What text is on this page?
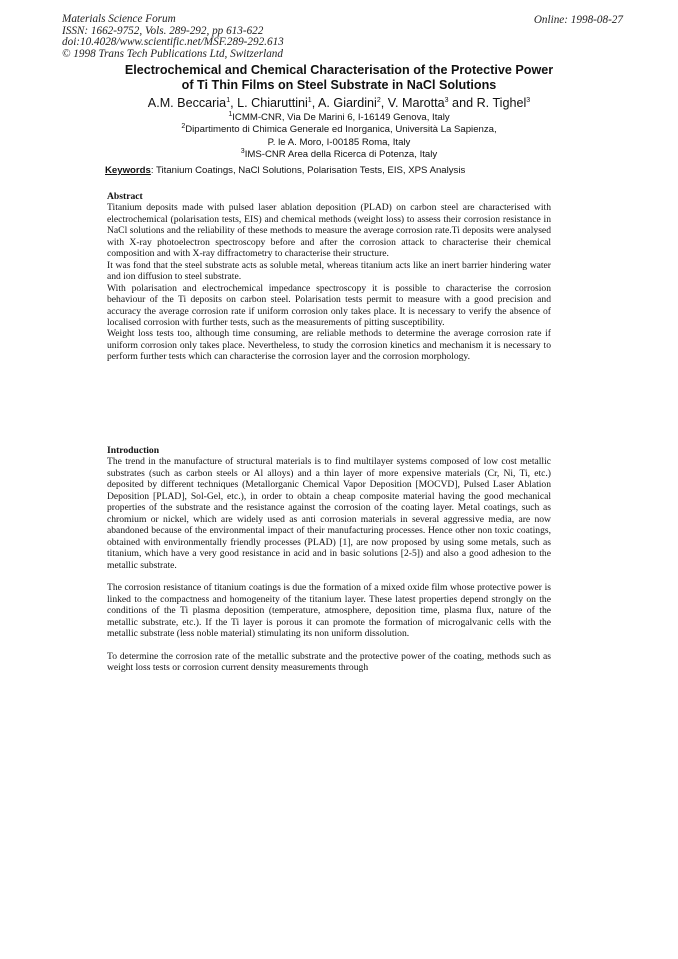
Materials Science Forum
ISSN: 1662-9752, Vols. 289-292, pp 613-622
doi:10.4028/www.scientific.net/MSF.289-292.613
© 1998 Trans Tech Publications Ltd, Switzerland
Online: 1998-08-27
Electrochemical and Chemical Characterisation of the Protective Power
of Ti Thin Films on Steel Substrate in NaCl Solutions
A.M. Beccaria$^1$, L. Chiaruttini$^1$, A. Giardini$^2$, V. Marotta$^3$ and R. Tighel$^3$
$^1$ICMM-CNR, Via De Marini 6, I-16149 Genova, Italy
$^2$Dipartimento di Chimica Generale ed Inorganica, Università La Sapienza,
P. le A. Moro, I-00185 Roma, Italy
$^3$IMS-CNR Area della Ricerca di Potenza, Italy
Keywords: Titanium Coatings, NaCl Solutions, Polarisation Tests, EIS, XPS Analysis
Abstract
Titanium deposits made with pulsed laser ablation deposition (PLAD) on carbon steel are characterised with electrochemical (polarisation tests, EIS) and chemical methods (weight loss) to assess their corrosion resistance in NaCl solutions and the reliability of these methods to measure the average corrosion rate.Ti deposits were analysed with X-ray photoelectron spectroscopy before and after the corrosion attack to characterise their chemical composition and with X-ray diffractometry to characterise their structure.
It was fond that the steel substrate acts as soluble metal, whereas titanium acts like an inert barrier hindering water and ion diffusion to steel substrate.
With polarisation and electrochemical impedance spectroscopy it is possible to characterise the corrosion behaviour of the Ti deposits on carbon steel. Polarisation tests permit to measure with a good precision and accuracy the average corrosion rate if uniform corrosion only takes place. It is necessary to verify the absence of localised corrosion with further tests, such as the measurements of pitting susceptibility.
Weight loss tests too, although time consuming, are reliable methods to determine the average corrosion rate if uniform corrosion only takes place. Nevertheless, to study the corrosion kinetics and mechanism it is necessary to perform further tests which can characterise the corrosion layer and the corrosion morphology.
Introduction
The trend in the manufacture of structural materials is to find multilayer systems composed of low cost metallic substrates (such as carbon steels or Al alloys) and a thin layer of more expensive materials (Cr, Ni, Ti, etc.) deposited by different techniques (Metallorganic Chemical Vapor Deposition [MOCVD], Pulsed Laser Ablation Deposition [PLAD], Sol-Gel, etc.), in order to obtain a cheap composite material having the good mechanical properties of the substrate and the resistance against the corrosion of the coating layer. Metal coatings, such as chromium or nickel, which are widely used as anti corrosion materials in several aggressive media, are now abandoned because of the environmental impact of their manufacturing processes. Hence other non toxic coatings, obtained with environmentally friendly processes (PLAD) [1], are now proposed by using some metals, such as titanium, which have a very good resistance in acid and in basic solutions [2-5]) and also a good adhesion to the metallic substrate.
The corrosion resistance of titanium coatings is due the formation of a mixed oxide film whose protective power is linked to the compactness and homogeneity of the titanium layer. These latest properties depend strongly on the conditions of the Ti plasma deposition (temperature, atmosphere, deposition time, plasma flux, nature of the metallic substrate, etc.). If the Ti layer is porous it can promote the formation of microgalvanic cells with the metallic substrate (less noble material) stimulating its non uniform dissolution.
To determine the corrosion rate of the metallic substrate and the protective power of the coating, methods such as weight loss tests or corrosion current density measurements through
